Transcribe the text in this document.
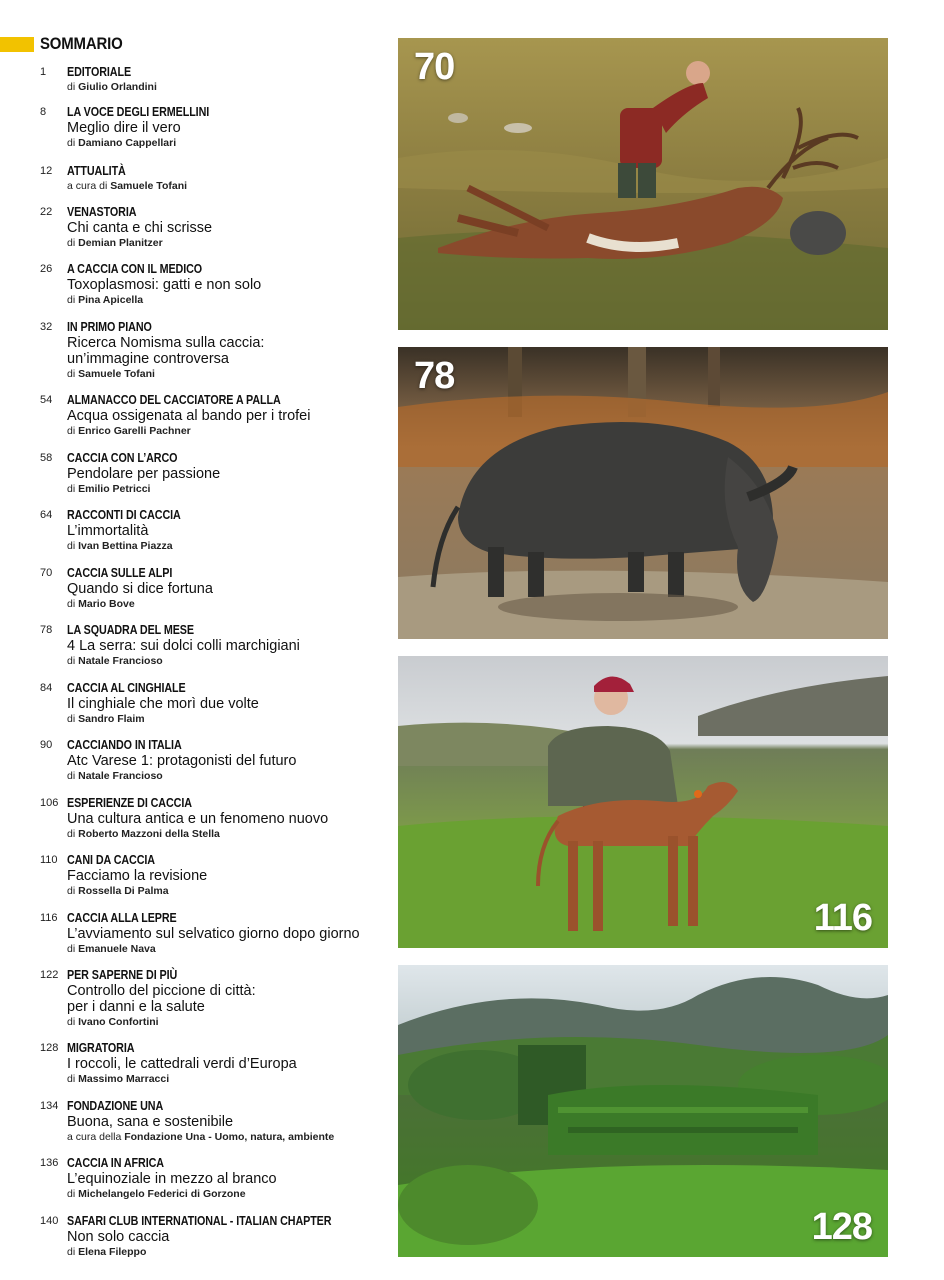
SOMMARIO
1	EDITORIALE
di Giulio Orlandini
8	LA VOCE DEGLI ERMELLINI
Meglio dire il vero
di Damiano Cappellari
12	ATTUALITÀ
a cura di Samuele Tofani
22	VENASTORIA
Chi canta e chi scrisse
di Demian Planitzer
26	A CACCIA CON IL MEDICO
Toxoplasmosi: gatti e non solo
di Pina Apicella
32	IN PRIMO PIANO
Ricerca Nomisma sulla caccia:
un’immagine controversa
di Samuele Tofani
54	ALMANACCO DEL CACCIATORE A PALLA
Acqua ossigenata al bando per i trofei
di Enrico Garelli Pachner
58	CACCIA CON L’ARCO
Pendolare per passione
di Emilio Petricci
64	RACCONTI DI CACCIA
L’immortalità
di Ivan Bettina Piazza
70	CACCIA SULLE ALPI
Quando si dice fortuna
di Mario Bove
78	LA SQUADRA DEL MESE
4 La serra: sui dolci colli marchigiani
di Natale Francioso
84	CACCIA AL CINGHIALE
Il cinghiale che morì due volte
di Sandro Flaim
90	CACCIANDO IN ITALIA
Atc Varese 1: protagonisti del futuro
di Natale Francioso
106 ESPERIENZE DI CACCIA
Una cultura antica e un fenomeno nuovo
di Roberto Mazzoni della Stella
110 CANI DA CACCIA
Facciamo la revisione
di Rossella Di Palma
116 CACCIA ALLA LEPRE
L’avviamento sul selvatico giorno dopo giorno
di Emanuele Nava
122 PER SAPERNE DI PIÙ
Controllo del piccione di città:
per i danni e la salute
di Ivano Confortini
128 MIGRATORIA
I roccoli, le cattedrali verdi d’Europa
di Massimo Marracci
134 FONDAZIONE UNA
Buona, sana e sostenibile
a cura della Fondazione Una - Uomo, natura, ambiente
136 CACCIA IN AFRICA
L’equinoziale in mezzo al branco
di Michelangelo Federici di Gorzone
140 SAFARI CLUB INTERNATIONAL - ITALIAN CHAPTER
Non solo caccia
di Elena Fileppo
70
78
116
128
